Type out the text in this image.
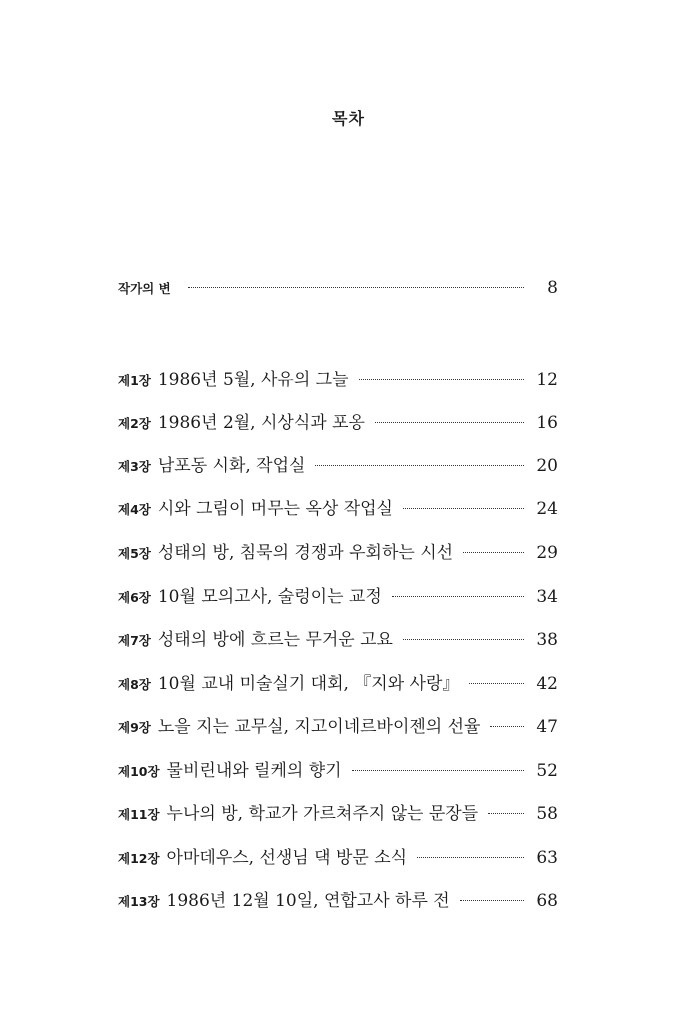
목차
작가의 변	8
제1장 1986년 5월, 사유의 그늘	12
제2장 1986년 2월, 시상식과 포옹	16
제3장 남포동 시화, 작업실	20
제4장 시와 그림이 머무는 옥상 작업실	24
제5장 성태의 방, 침묵의 경쟁과 우회하는 시선	29
제6장 10월 모의고사, 술렁이는 교정	34
제7장 성태의 방에 흐르는 무거운 고요	38
제8장 10월 교내 미술실기 대회, 『지와 사랑』	42
제9장 노을 지는 교무실, 지고이네르바이젠의 선율	47
제10장 물비린내와 릴케의 향기	52
제11장 누나의 방, 학교가 가르쳐주지 않는 문장들	58
제12장 아마데우스, 선생님 댁 방문 소식	63
제13장 1986년 12월 10일, 연합고사 하루 전	68
